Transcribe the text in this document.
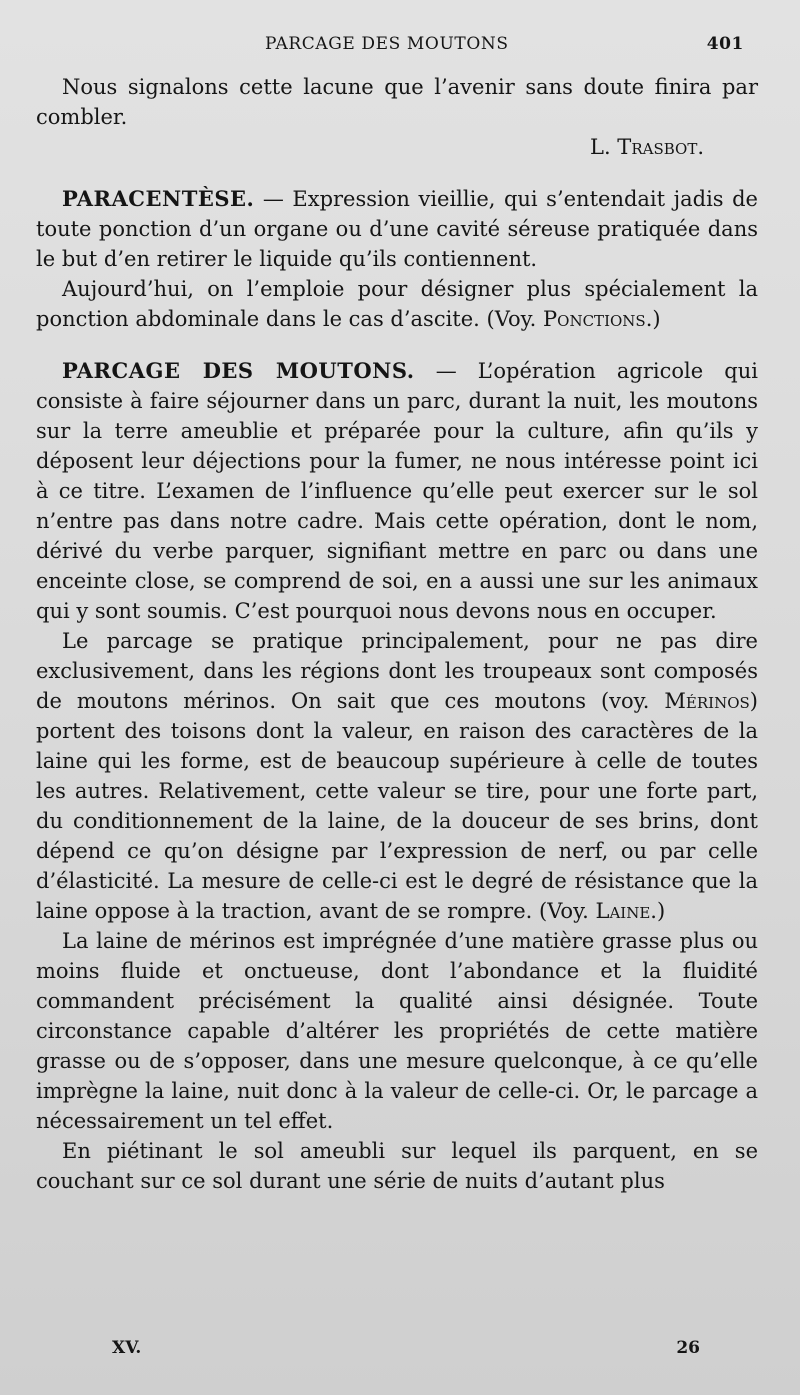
PARCAGE DES MOUTONS	401

Nous signalons cette lacune que l’avenir sans doute finira par combler.

L. Trasbot.

PARACENTÈSE. — Expression vieillie, qui s’entendait jadis de toute ponction d’un organe ou d’une cavité séreuse pratiquée dans le but d’en retirer le liquide qu’ils contiennent.

Aujourd’hui, on l’emploie pour désigner plus spécialement la ponction abdominale dans le cas d’ascite. (Voy. Ponctions.)

PARCAGE DES MOUTONS. — L’opération agricole qui consiste à faire séjourner dans un parc, durant la nuit, les moutons sur la terre ameublie et préparée pour la culture, afin qu’ils y déposent leur déjections pour la fumer, ne nous intéresse point ici à ce titre. L’examen de l’influence qu’elle peut exercer sur le sol n’entre pas dans notre cadre. Mais cette opération, dont le nom, dérivé du verbe parquer, signifiant mettre en parc ou dans une enceinte close, se comprend de soi, en a aussi une sur les animaux qui y sont soumis. C’est pourquoi nous devons nous en occuper.

Le parcage se pratique principalement, pour ne pas dire exclusivement, dans les régions dont les troupeaux sont composés de moutons mérinos. On sait que ces moutons (voy. Mérinos) portent des toisons dont la valeur, en raison des caractères de la laine qui les forme, est de beaucoup supérieure à celle de toutes les autres. Relativement, cette valeur se tire, pour une forte part, du conditionnement de la laine, de la douceur de ses brins, dont dépend ce qu’on désigne par l’expression de nerf, ou par celle d’élasticité. La mesure de celle-ci est le degré de résistance que la laine oppose à la traction, avant de se rompre. (Voy. Laine.)

La laine de mérinos est imprégnée d’une matière grasse plus ou moins fluide et onctueuse, dont l’abondance et la fluidité commandent précisément la qualité ainsi désignée. Toute circonstance capable d’altérer les propriétés de cette matière grasse ou de s’opposer, dans une mesure quelconque, à ce qu’elle imprègne la laine, nuit donc à la valeur de celle-ci. Or, le parcage a nécessairement un tel effet.

En piétinant le sol ameubli sur lequel ils parquent, en se couchant sur ce sol durant une série de nuits d’autant plus

XV.	26
